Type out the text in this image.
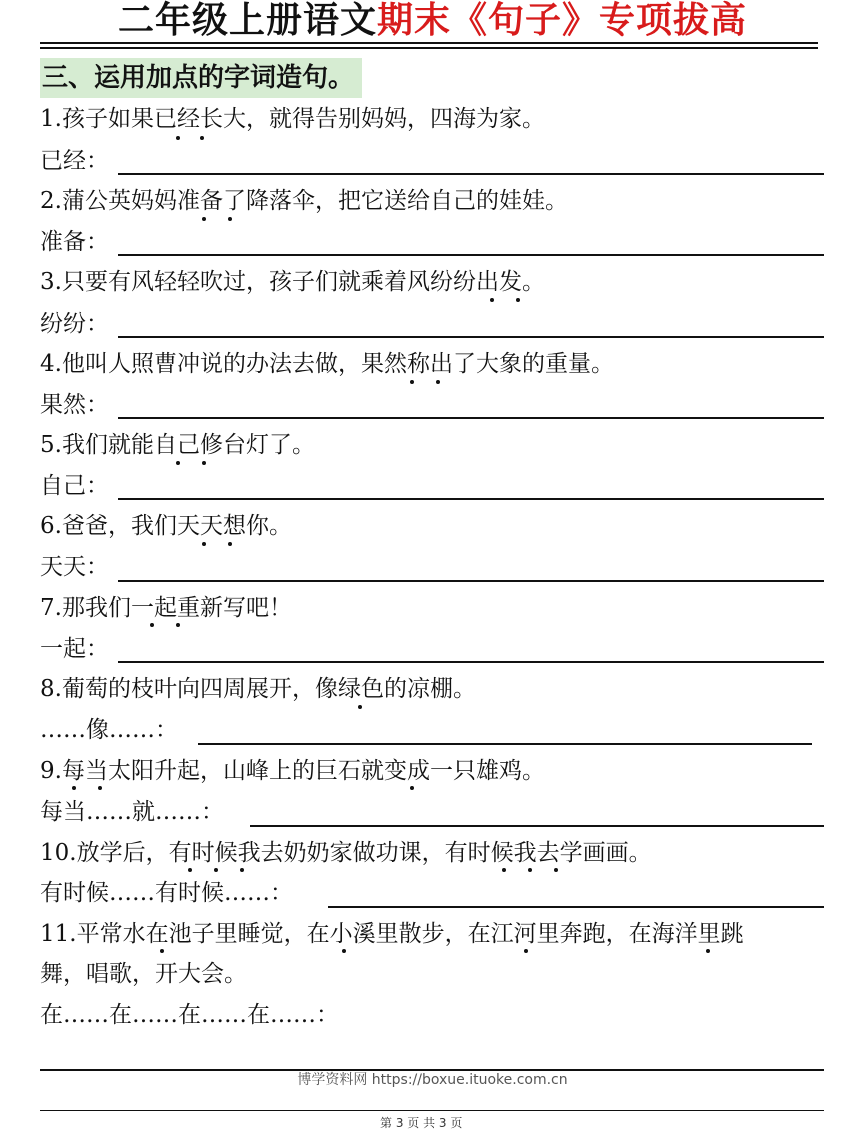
二年级上册语文期末《句子》专项拔高
三、运用加点的字词造句。
1.孩子如果已经长大，就得告别妈妈，四海为家。
已经：
2.蒲公英妈妈准备了降落伞，把它送给自己的娃娃。
准备：
3.只要有风轻轻吹过，孩子们就乘着风纷纷出发。
纷纷：
4.他叫人照曹冲说的办法去做，果然称出了大象的重量。
果然：
5.我们就能自己修台灯了。
自己：
6.爸爸，我们天天想你。
天天：
7.那我们一起重新写吧！
一起：
8.葡萄的枝叶向四周展开，像绿色的凉棚。
……像……：
9.每当太阳升起，山峰上的巨石就变成一只雄鸡。
每当……就……：
10.放学后，有时候我去奶奶家做功课，有时候我去学画画。
有时候……有时候……：
11.平常水在池子里睡觉，在小溪里散步，在江河里奔跑，在海洋里跳
舞，唱歌，开大会。
在……在……在……在……：
博学资料网 https://boxue.ituoke.com.cn
第 3 页 共 3 页
